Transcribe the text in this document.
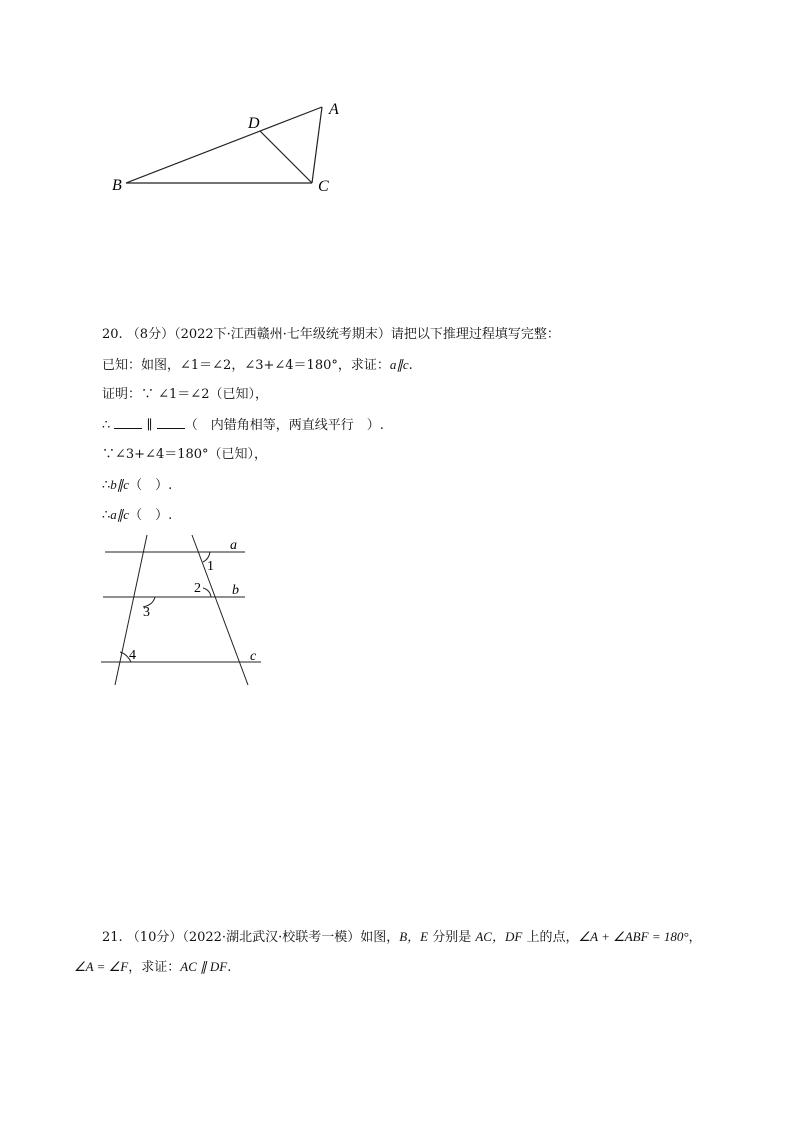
B
D
A
C
20. （8分）（2022下·江西赣州·七年级统考期末）请把以下推理过程填写完整：
已知：如图，∠1＝∠2，∠3+∠4＝180°，求证：a∥c.
证明：∵ ∠1＝∠2（已知），
∴  ∥ （　内错角相等，两直线平行　）.
∵∠3+∠4＝180°（已知），
∴b∥c（　）.
∴a∥c（　）.
a
b
c
1
2
3
4
21. （10分）（2022·湖北武汉·校联考一模）如图，B，E 分别是 AC，DF 上的点，∠A + ∠ABF = 180°，
∠A = ∠F，求证：AC ∥ DF.
